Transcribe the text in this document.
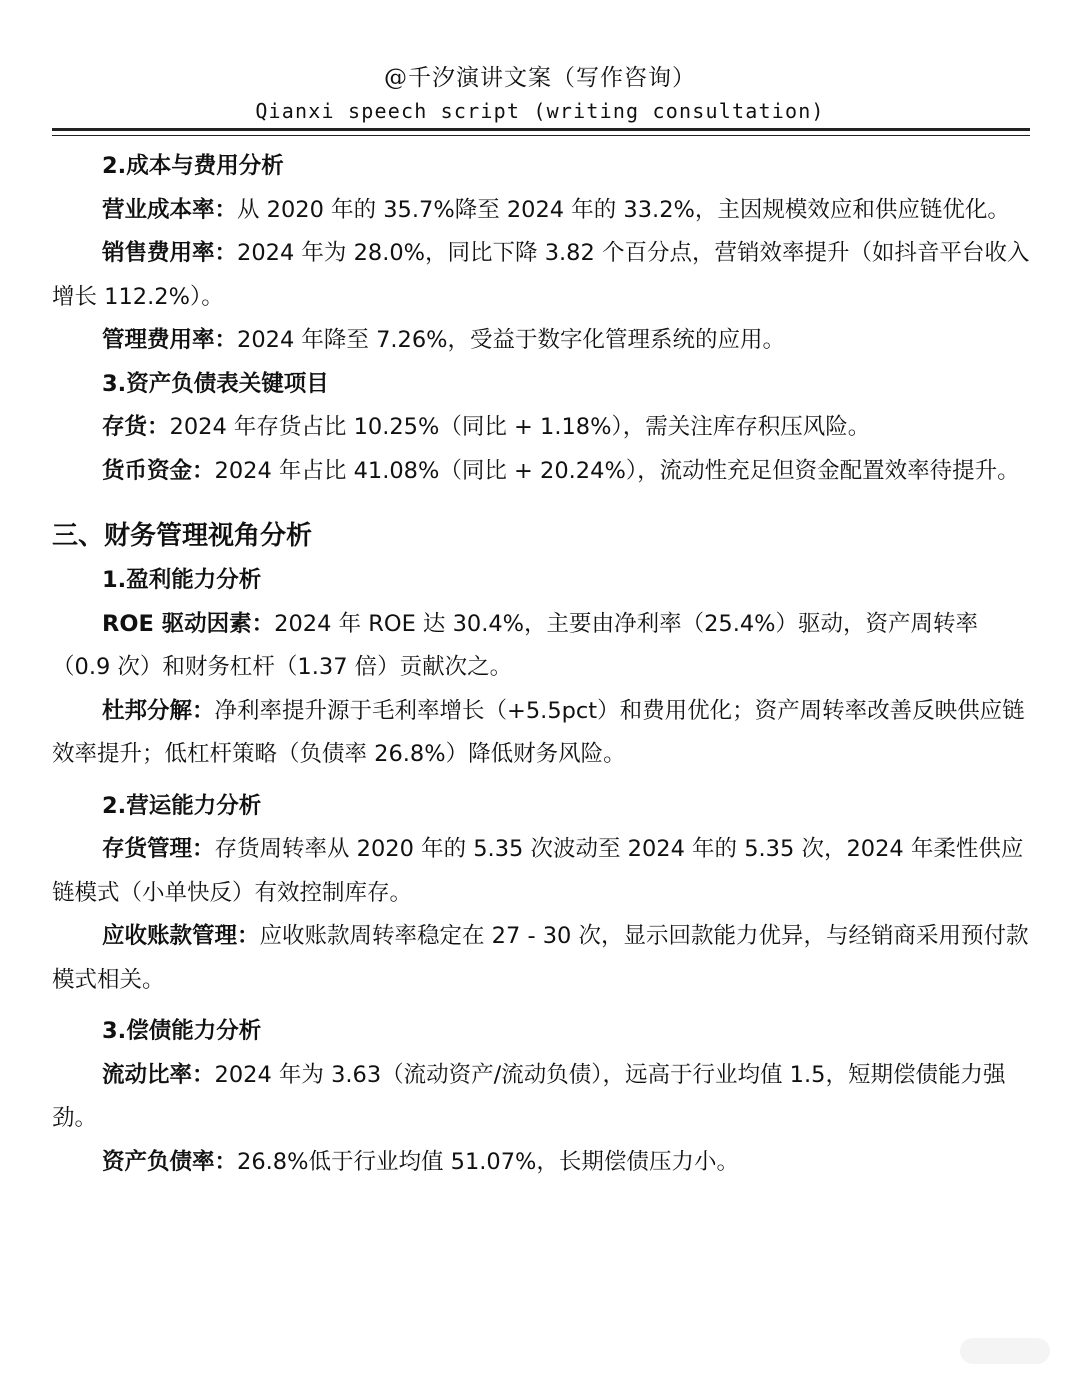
@千汐演讲文案（写作咨询）
Qianxi speech script (writing consultation)

2.成本与费用分析

营业成本率：从 2020 年的 35.7%降至 2024 年的 33.2%，主因规模效应和供应链优化。

销售费用率：2024 年为 28.0%，同比下降 3.82 个百分点，营销效率提升（如抖音平台收入增长 112.2%）。

管理费用率：2024 年降至 7.26%，受益于数字化管理系统的应用。

3.资产负债表关键项目

存货：2024 年存货占比 10.25%（同比 + 1.18%），需关注库存积压风险。

货币资金：2024 年占比 41.08%（同比 + 20.24%），流动性充足但资金配置效率待提升。

三、财务管理视角分析

1.盈利能力分析

ROE 驱动因素：2024 年 ROE 达 30.4%，主要由净利率（25.4%）驱动，资产周转率（0.9 次）和财务杠杆（1.37 倍）贡献次之。

杜邦分解：净利率提升源于毛利率增长（+5.5pct）和费用优化；资产周转率改善反映供应链效率提升；低杠杆策略（负债率 26.8%）降低财务风险。

2.营运能力分析

存货管理：存货周转率从 2020 年的 5.35 次波动至 2024 年的 5.35 次，2024 年柔性供应链模式（小单快反）有效控制库存。

应收账款管理：应收账款周转率稳定在 27 - 30 次，显示回款能力优异，与经销商采用预付款模式相关。

3.偿债能力分析

流动比率：2024 年为 3.63（流动资产/流动负债），远高于行业均值 1.5，短期偿债能力强劲。

资产负债率：26.8%低于行业均值 51.07%，长期偿债压力小。
